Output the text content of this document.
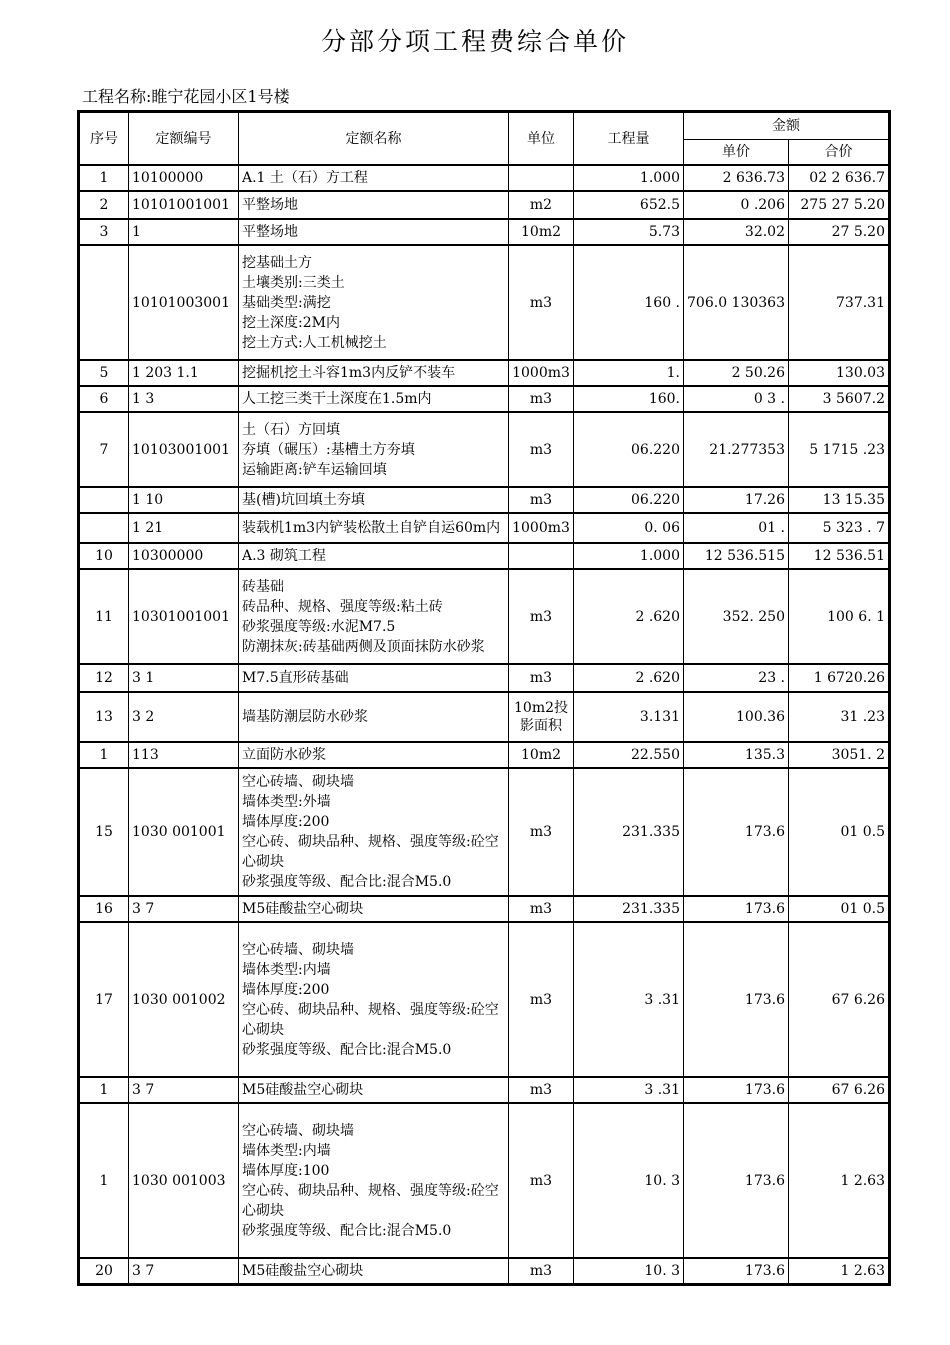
分部分项工程费综合单价
工程名称:睢宁花园小区1号楼
序号	定额编号	定额名称	单位	工程量	金额	
					单价	合价
1	10100000	A.1 土（石）方工程		1.000	2 636.73	02 2 636.7
2	10101001001	平整场地	m2	652.5	0 .206	275 27 5.20
3	1	平整场地	10m2	5.73	32.02	27 5.20
	10101003001	挖基础土方
土壤类别:三类土
基础类型:满挖
挖土深度:2M内
挖土方式:人工机械挖土	m3	160 .	706.0 130363	737.31
5	1 203 1.1	挖掘机挖土斗容1m3内反铲不装车	1000m3	1.	2 50.26	130.03
6	1 3	人工挖三类干土深度在1.5m内	m3	160.	0 3 .	3 5607.2
7	10103001001	土（石）方回填
夯填（碾压）:基槽土方夯填
运输距离:铲车运输回填	m3	06.220	21.277353	5 1715 .23
	1 10	基(槽)坑回填土夯填	m3	06.220	17.26	13 15.35
	1 21	装载机1m3内铲装松散土自铲自运60m内	1000m3	0. 06	01 .	5 323 . 7
10	10300000	A.3 砌筑工程		1.000	12 536.515	12 536.51
11	10301001001	砖基础
砖品种、规格、强度等级:粘土砖
砂浆强度等级:水泥M7.5
防潮抹灰:砖基础两侧及顶面抹防水砂浆	m3	2 .620	352. 250	100 6. 1
12	3 1	M7.5直形砖基础	m3	2 .620	23 .	1 6720.26
13	3 2	墙基防潮层防水砂浆	10m2投影面积	3.131	100.36	31 .23
1	113	立面防水砂浆	10m2	22.550	135.3	3051. 2
15	1030 001001	空心砖墙、砌块墙
墙体类型:外墙
墙体厚度:200
空心砖、砌块品种、规格、强度等级:砼空心砌块
砂浆强度等级、配合比:混合M5.0	m3	231.335	173.6	01 0.5
16	3 7	M5硅酸盐空心砌块	m3	231.335	173.6	01 0.5
17	1030 001002	空心砖墙、砌块墙
墙体类型:内墙
墙体厚度:200
空心砖、砌块品种、规格、强度等级:砼空心砌块
砂浆强度等级、配合比:混合M5.0	m3	3 .31	173.6	67 6.26
1	3 7	M5硅酸盐空心砌块	m3	3 .31	173.6	67 6.26
1	1030 001003	空心砖墙、砌块墙
墙体类型:内墙
墙体厚度:100
空心砖、砌块品种、规格、强度等级:砼空心砌块
砂浆强度等级、配合比:混合M5.0	m3	10. 3	173.6	1 2.63
20	3 7	M5硅酸盐空心砌块	m3	10. 3	173.6	1 2.63
